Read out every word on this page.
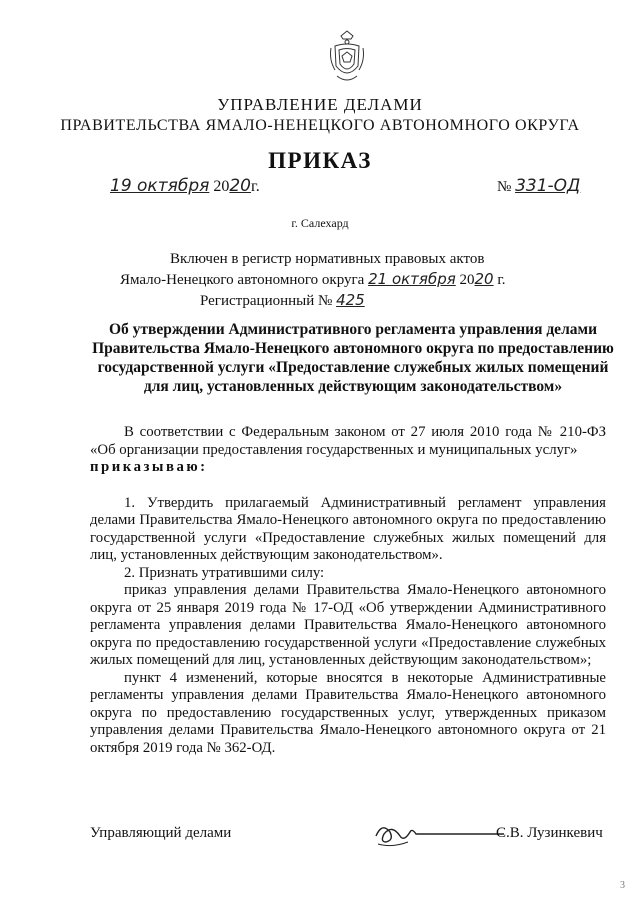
УПРАВЛЕНИЕ ДЕЛАМИ
ПРАВИТЕЛЬСТВА ЯМАЛО-НЕНЕЦКОГО АВТОНОМНОГО ОКРУГА
ПРИКАЗ
19 октября 2020г.	№ 331-ОД
г. Салехард
Включен в регистр нормативных правовых актов
Ямало-Ненецкого автономного округа 21 октября 2020 г.
Регистрационный № 425
Об утверждении Административного регламента управления делами Правительства Ямало-Ненецкого автономного округа по предоставлению государственной услуги «Предоставление служебных жилых помещений для лиц, установленных действующим законодательством»

В соответствии с Федеральным законом от 27 июля 2010 года № 210-ФЗ «Об организации предоставления государственных и муниципальных услуг»

приказываю:

1. Утвердить прилагаемый Административный регламент управления делами Правительства Ямало-Ненецкого автономного округа по предоставлению государственной услуги «Предоставление служебных жилых помещений для лиц, установленных действующим законодательством».

2. Признать утратившими силу:

приказ управления делами Правительства Ямало-Ненецкого автономного округа от 25 января 2019 года № 17-ОД «Об утверждении Административного регламента управления делами Правительства Ямало-Ненецкого автономного округа по предоставлению государственной услуги «Предоставление служебных жилых помещений для лиц, установленных действующим законодательством»;

пункт 4 изменений, которые вносятся в некоторые Административные регламенты управления делами Правительства Ямало-Ненецкого автономного округа по предоставлению государственных услуг, утвержденных приказом управления делами Правительства Ямало-Ненецкого автономного округа от 21 октября 2019 года № 362-ОД.

Управляющий делами	С.В. Лузинкевич
3
